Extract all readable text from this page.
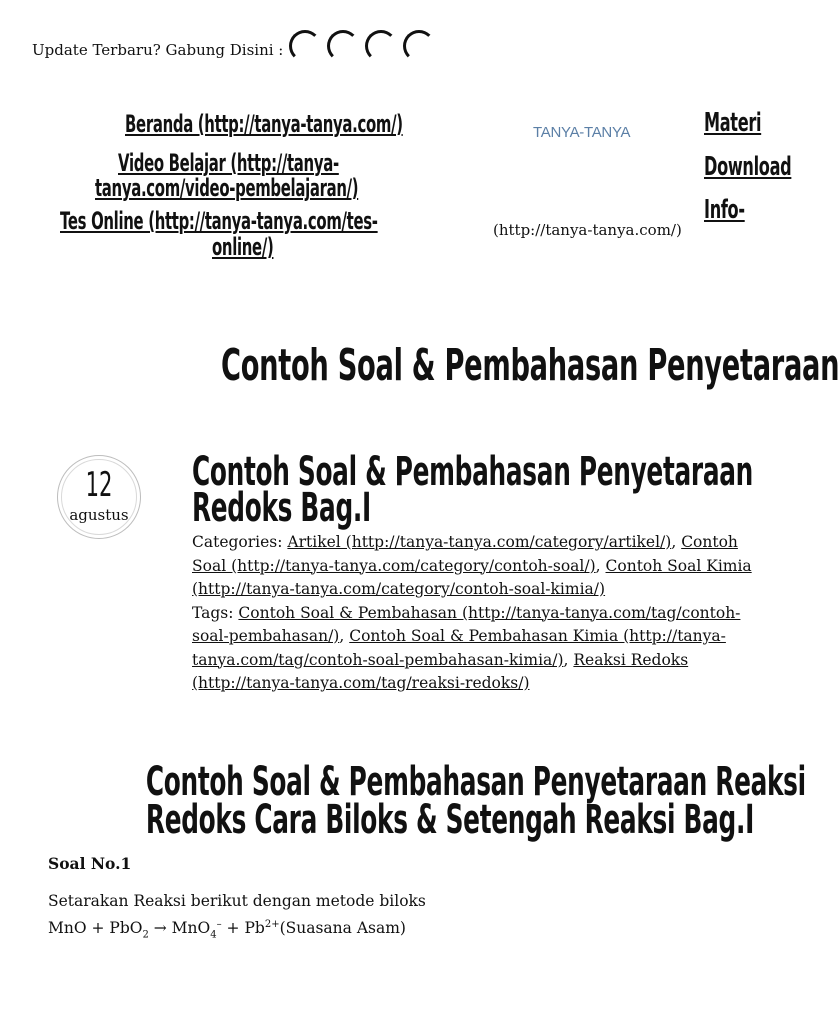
Update Terbaru? Gabung Disini :
Beranda (http://tanya-tanya.com/)
Video Belajar (http://tanya-
tanya.com/video-pembelajaran/)
Tes Online (http://tanya-tanya.com/tes-
online/)
TANYA-TANYA
(http://tanya-tanya.com/)
Materi
Download
Info-
Contoh Soal & Pembahasan Penyetaraan
12
agustus
Contoh Soal & Pembahasan Penyetaraan
Redoks Bag.I
Categories: Artikel (http://tanya-tanya.com/category/artikel/), Contoh Soal (http://tanya-tanya.com/category/contoh-soal/), Contoh Soal Kimia (http://tanya-tanya.com/category/contoh-soal-kimia/)
Tags: Contoh Soal & Pembahasan (http://tanya-tanya.com/tag/contoh-soal-pembahasan/), Contoh Soal & Pembahasan Kimia (http://tanya-tanya.com/tag/contoh-soal-pembahasan-kimia/), Reaksi Redoks (http://tanya-tanya.com/tag/reaksi-redoks/)
Contoh Soal & Pembahasan Penyetaraan Reaksi
Redoks Cara Biloks & Setengah Reaksi Bag.I
Soal No.1
Setarakan Reaksi berikut dengan metode biloks
MnO + $PbO_2 \to MnO_4^- + Pb^{2+}(Suasana$ Asam)
